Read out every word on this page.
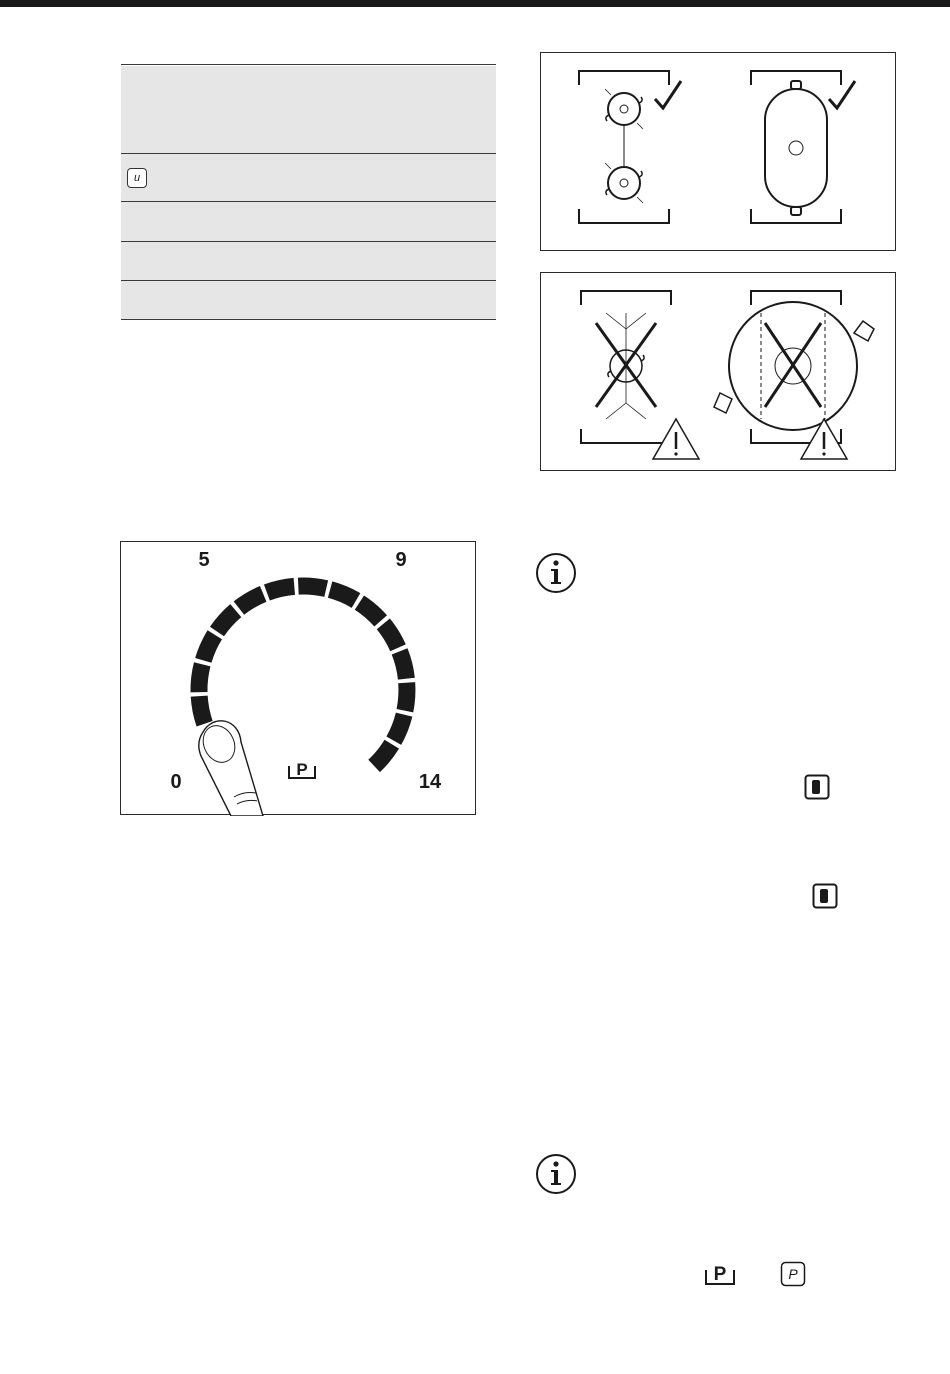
u
5	9
0	14
P
P	P
